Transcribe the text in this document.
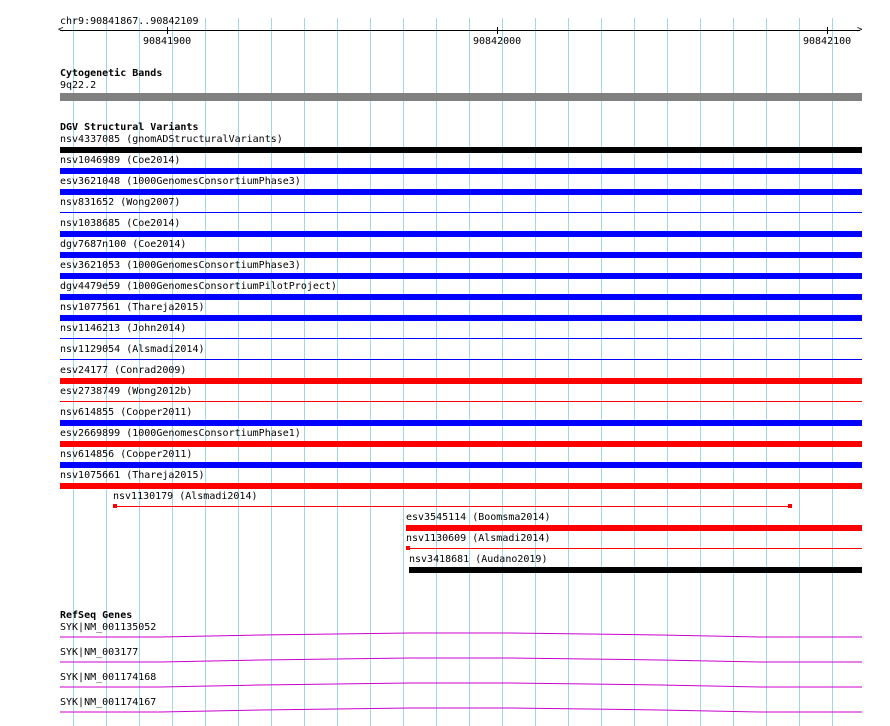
chr9:90841867..90842109
<	>
90841900	90842000	90842100
Cytogenetic Bands
9q22.2
DGV Structural Variants
nsv4337085 (gnomADStructuralVariants)
nsv1046989 (Coe2014)
esv3621048 (1000GenomesConsortiumPhase3)
nsv831652 (Wong2007)
nsv1038685 (Coe2014)
dgv7687n100 (Coe2014)
esv3621053 (1000GenomesConsortiumPhase3)
dgv4479e59 (1000GenomesConsortiumPilotProject)
nsv1077561 (Thareja2015)
nsv1146213 (John2014)
nsv1129054 (Alsmadi2014)
esv24177 (Conrad2009)
esv2738749 (Wong2012b)
nsv614855 (Cooper2011)
esv2669899 (1000GenomesConsortiumPhase1)
nsv614856 (Cooper2011)
nsv1075661 (Thareja2015)
nsv1130179 (Alsmadi2014)
esv3545114 (Boomsma2014)
nsv1130609 (Alsmadi2014)
nsv3418681 (Audano2019)
RefSeq Genes
SYK|NM_001135052
SYK|NM_003177
SYK|NM_001174168
SYK|NM_001174167
